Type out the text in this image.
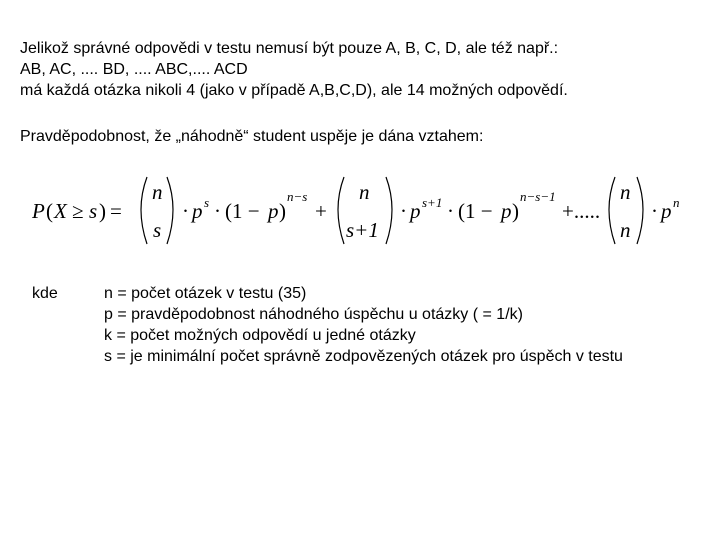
Jelikož správné odpovědi v testu nemusí být pouze A, B, C, D, ale též např.:
AB, AC, .... BD, .... ABC,.... ACD
má každá otázka nikoli 4 (jako v případě A,B,C,D), ale 14 možných odpovědí.
Pravděpodobnost, že „náhodně“ student uspěje je dána vztahem:
P ( X ≥ s ) =
n
s
· p s · (1 − p )
n−s
+
n
s+1
· p s+1 · (1 − p )
n−s−1
+.....
n
n
· p n
kde	n = počet otázek v testu (35)
p = pravděpodobnost náhodného úspěchu u otázky ( = 1/k)
k = počet možných odpovědí u jedné otázky
s = je minimální počet správně zodpovězených otázek pro úspěch v testu
